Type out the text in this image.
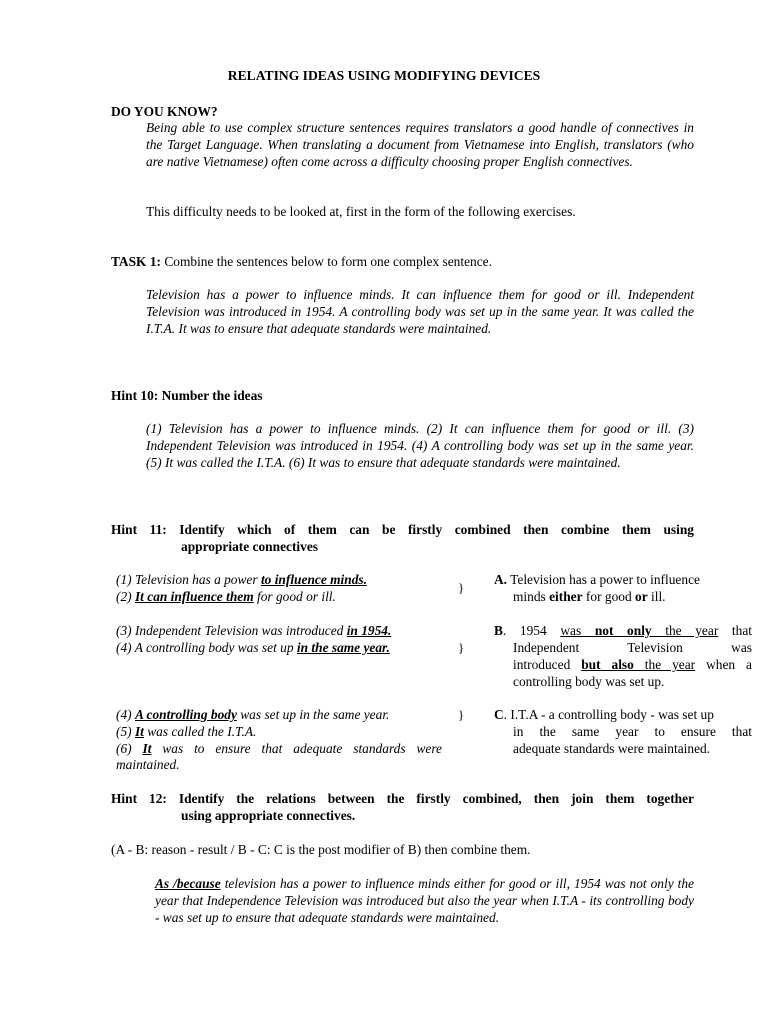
RELATING IDEAS USING MODIFYING DEVICES
DO YOU KNOW?
Being able to use complex structure sentences requires translators a good handle of connectives in the Target Language. When translating a document from Vietnamese into English, translators (who are native Vietnamese) often come across a difficulty choosing proper English connectives.
This difficulty needs to be looked at, first in the form of the following exercises.
TASK 1: Combine the sentences below to form one complex sentence.
Television has a power to influence minds. It can influence them for good or ill. Independent Television was introduced in 1954. A controlling body was set up in the same year. It was called the I.T.A. It was to ensure that adequate standards were maintained.
Hint 10: Number the ideas
(1) Television has a power to influence minds. (2) It can influence them for good or ill. (3) Independent Television was introduced in 1954. (4) A controlling body was set up in the same year. (5) It was called the I.T.A. (6) It was to ensure that adequate standards were maintained.
Hint 11: Identify which of them can be firstly combined then combine them using
appropriate connectives
(1) Television has a power to influence minds.
(2) It can influence them for good or ill.
}
(3) Independent Television was introduced in 1954.
(4) A controlling body was set up in the same year.	}
(4) A controlling body was set up in the same year.
(5) It was called the I.T.A.
(6) It was to ensure that adequate standards were
maintained.
}
A. Television has a power to influence
minds either for good or ill.
B. 1954 was not only the year that
Independent Television was
introduced but also the year when a
controlling body was set up.
C. I.T.A - a controlling body - was set up
in the same year to ensure that
adequate standards were maintained.
Hint 12: Identify the relations between the firstly combined, then join them together
using appropriate connectives.
(A - B: reason - result / B - C: C is the post modifier of B) then combine them.
As /because television has a power to influence minds either for good or ill, 1954 was not only the year that Independence Television was introduced but also the year when I.T.A - its controlling body - was set up to ensure that adequate standards were maintained.
